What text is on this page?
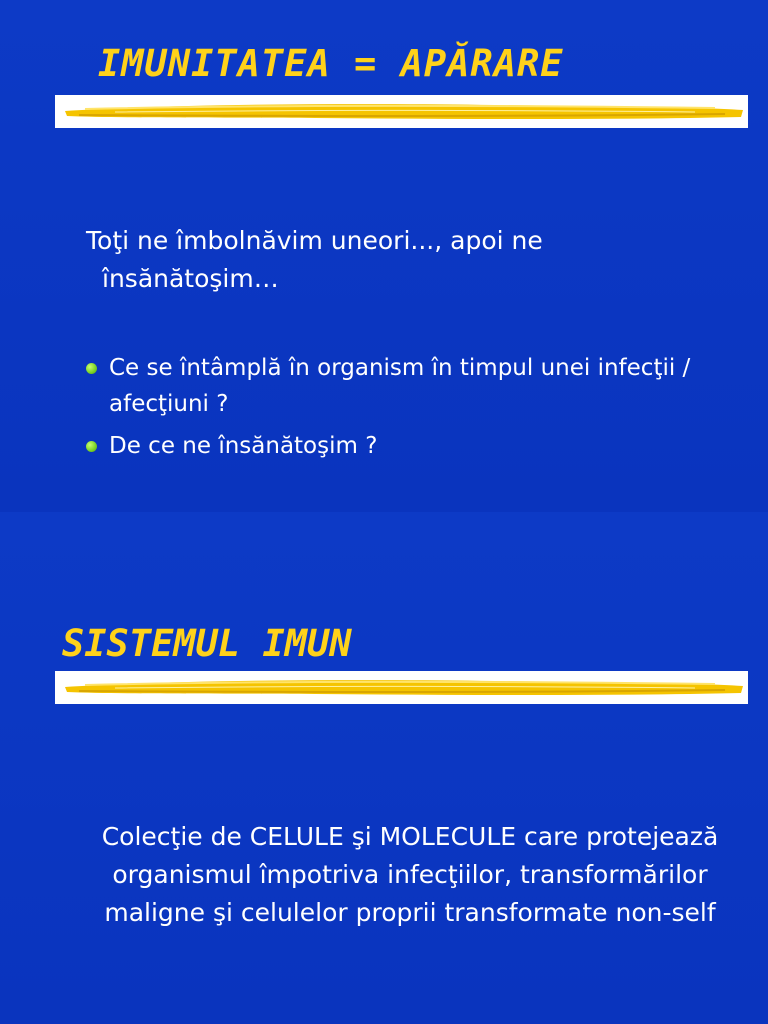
IMUNITATEA = APĂRARE
Toţi ne îmbolnăvim uneori..., apoi ne
însănătoşim…
Ce se întâmplă în organism în timpul unei infecţii / afecţiuni ?
De ce ne însănătoşim ?
SISTEMUL IMUN
Colecţie de CELULE şi MOLECULE care protejează organismul împotriva infecţiilor, transformărilor maligne şi celulelor proprii transformate non-self
